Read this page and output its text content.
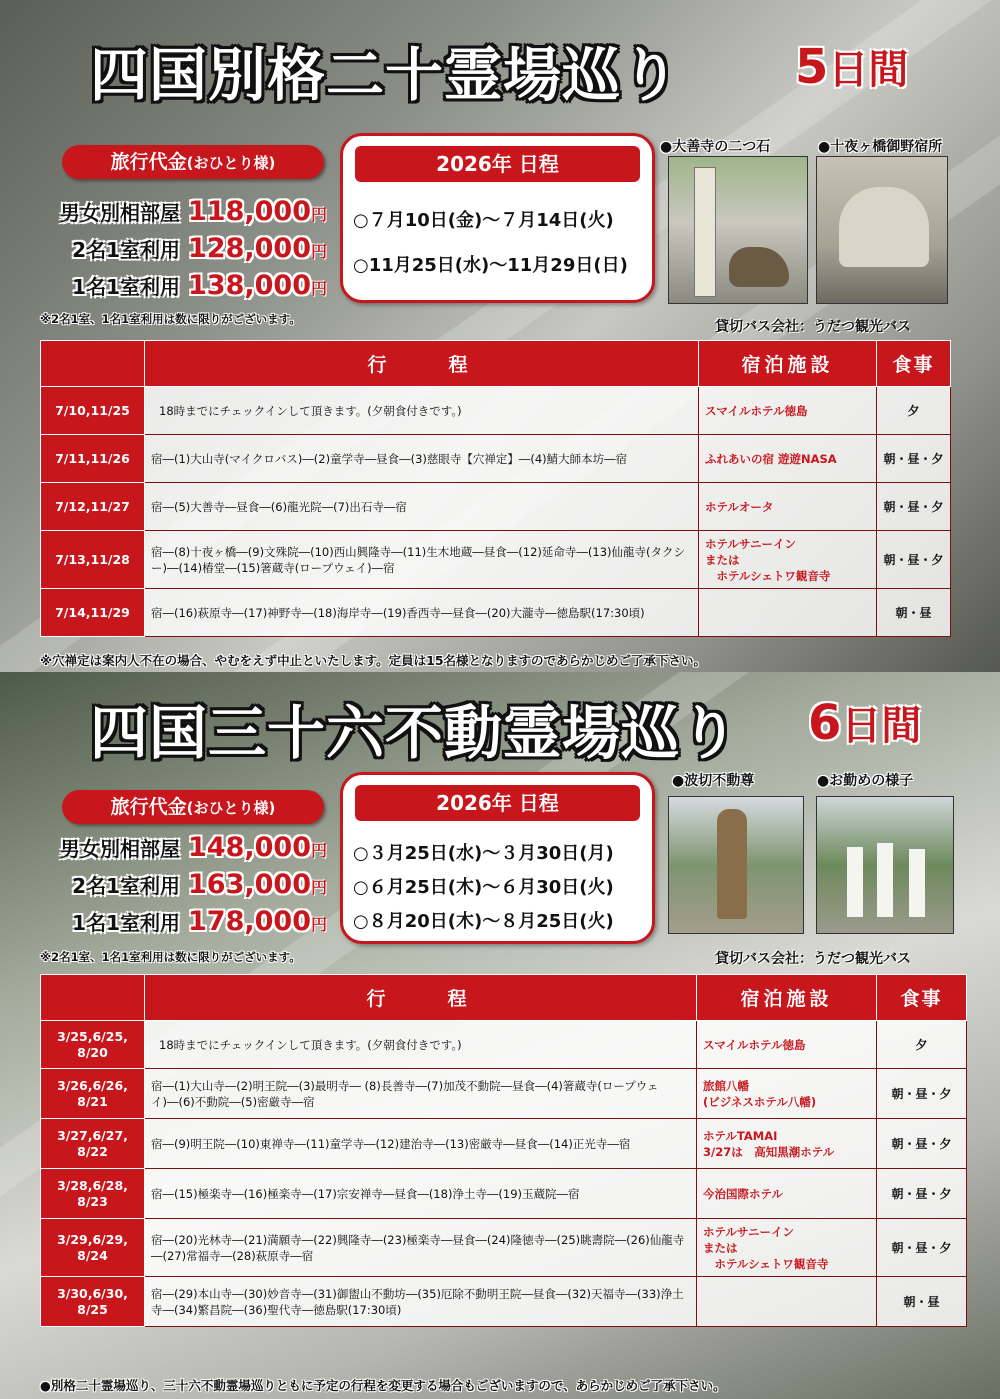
四国別格二十霊場巡り 5日間
旅行代金(おひとり様)
男女別相部屋 118,000 円
2名1室利用 128,000 円
1名1室利用 138,000 円
※2名1室、1名1室利用は数に限りがございます。
2026年 日程
○７月10日(金)～７月14日(火)
○11月25日(水)～11月29日(日)
●大善寺の二つ石	●十夜ヶ橋御野宿所
貸切バス会社：うだつ観光バス
	行　　程	宿泊施設	食事
7/10,11/25	18時までにチェックインして頂きます。(夕朝食付きです。)	スマイルホテル徳島	夕
7/11,11/26	宿―(1)大山寺(マイクロバス)―(2)童学寺―昼食―(3)慈眼寺【穴禅定】―(4)鯖大師本坊―宿	ふれあいの宿 遊遊NASA	朝・昼・夕
7/12,11/27	宿―(5)大善寺―昼食―(6)龍光院―(7)出石寺―宿	ホテルオータ	朝・昼・夕
7/13,11/28	宿―(8)十夜ヶ橋―(9)文殊院―(10)西山興隆寺―(11)生木地蔵―昼食―(12)延命寺―(13)仙龍寺(タクシー)―(14)椿堂―(15)箸蔵寺(ロープウェイ)―宿	ホテルサニーイン
または
　ホテルシェトワ観音寺	朝・昼・夕
7/14,11/29	宿―(16)萩原寺―(17)神野寺―(18)海岸寺―(19)香西寺―昼食―(20)大瀧寺―徳島駅(17:30頃)		朝・昼
※穴禅定は案内人不在の場合、やむをえず中止といたします。定員は15名様となりますのであらかじめご了承下さい。
四国三十六不動霊場巡り 6日間
旅行代金(おひとり様)
男女別相部屋 148,000 円
2名1室利用 163,000 円
1名1室利用 178,000 円
※2名1室、1名1室利用は数に限りがございます。
2026年 日程
○３月25日(水)～３月30日(月)
○６月25日(木)～６月30日(火)
○８月20日(木)～８月25日(火)
●波切不動尊	●お勤めの様子
貸切バス会社：うだつ観光バス
	行　　程	宿泊施設	食事
3/25,6/25,
8/20	18時までにチェックインして頂きます。(夕朝食付きです。)	スマイルホテル徳島	夕
3/26,6/26,
8/21	宿―(1)大山寺―(2)明王院―(3)最明寺― (8)長善寺―(7)加茂不動院―昼食―(4)箸蔵寺(ロープウェイ)―(6)不動院―(5)密厳寺―宿	旅館八幡
(ビジネスホテル八幡)	朝・昼・夕
3/27,6/27,
8/22	宿―(9)明王院―(10)東禅寺―(11)童学寺―(12)建治寺―(13)密厳寺―昼食―(14)正光寺―宿	ホテルTAMAI
3/27は　高知黒潮ホテル	朝・昼・夕
3/28,6/28,
8/23	宿―(15)極楽寺―(16)極楽寺―(17)宗安禅寺―昼食―(18)浄土寺―(19)玉蔵院―宿	今治国際ホテル	朝・昼・夕
3/29,6/29,
8/24	宿―(20)光林寺―(21)満願寺―(22)興隆寺―(23)極楽寺―昼食―(24)隆徳寺―(25)眺壽院―(26)仙龍寺―(27)常福寺―(28)萩原寺―宿	ホテルサニーイン
または
　ホテルシェトワ観音寺	朝・昼・夕
3/30,6/30,
8/25	宿―(29)本山寺―(30)妙音寺―(31)御盥山不動坊―(35)厄除不動明王院―昼食―(32)天福寺―(33)浄土寺―(34)繁昌院―(36)聖代寺―徳島駅(17:30頃)		朝・昼
●別格二十霊場巡り、三十六不動霊場巡りともに予定の行程を変更する場合もございますので、あらかじめご了承下さい。
